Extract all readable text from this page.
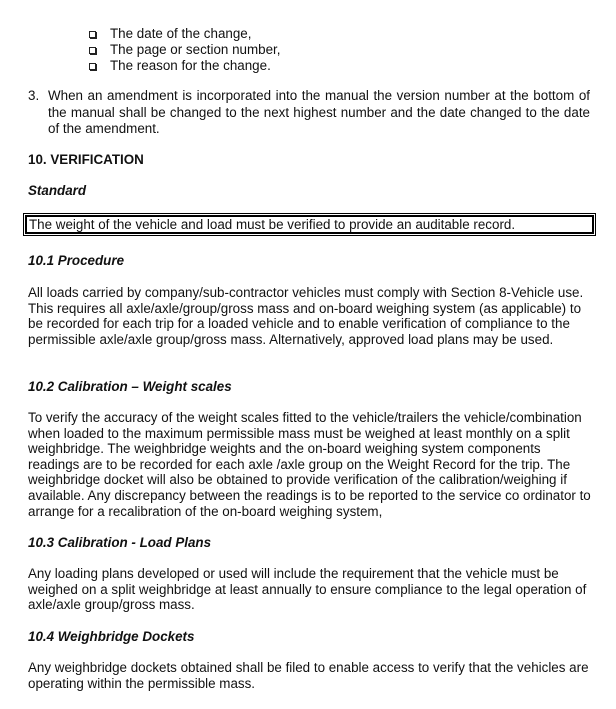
The date of the change,
The page or section number,
The reason for the change.
3. When an amendment is incorporated into the manual the version number at the bottom of the manual shall be changed to the next highest number and the date changed to the date of the amendment.
10. VERIFICATION
Standard
The weight of the vehicle and load must be verified to provide an auditable record.
10.1 Procedure
All loads carried by company/sub-contractor vehicles must comply with Section 8-Vehicle use. This requires all axle/axle/group/gross mass and on-board weighing system (as applicable) to be recorded for each trip for a loaded vehicle and to enable verification of compliance to the permissible axle/axle group/gross mass. Alternatively, approved load plans may be used.
10.2 Calibration – Weight scales
To verify the accuracy of the weight scales fitted to the vehicle/trailers the vehicle/combination when loaded to the maximum permissible mass must be weighed at least monthly on a split weighbridge. The weighbridge weights and the on-board weighing system components readings are to be recorded for each axle /axle group on the Weight Record for the trip. The weighbridge docket will also be obtained to provide verification of the calibration/weighing if available. Any discrepancy between the readings is to be reported to the service co ordinator to arrange for a recalibration of the on-board weighing system,
10.3 Calibration - Load Plans
Any loading plans developed or used will include the requirement that the vehicle must be weighed on a split weighbridge at least annually to ensure compliance to the legal operation of axle/axle group/gross mass.
10.4 Weighbridge Dockets
Any weighbridge dockets obtained shall be filed to enable access to verify that the vehicles are operating within the permissible mass.
